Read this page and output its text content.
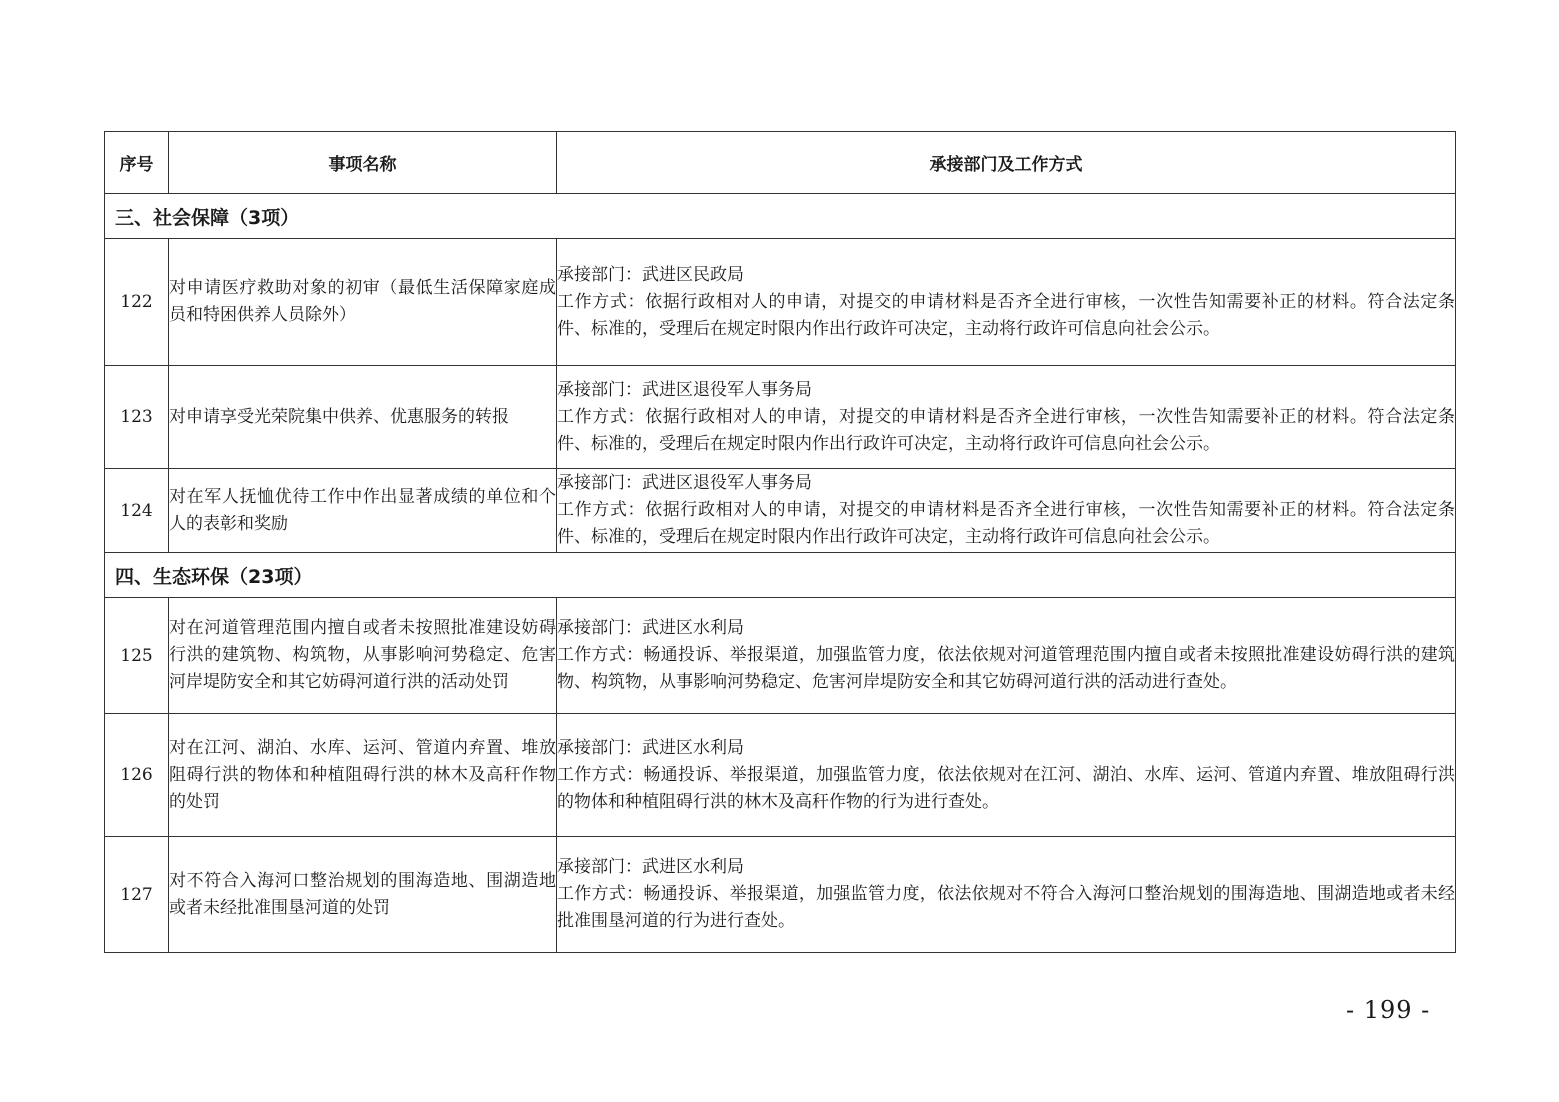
序号	事项名称	承接部门及工作方式
三、社会保障（3项）		
122	对申请医疗救助对象的初审（最低生活保障家庭成员和特困供养人员除外）	承接部门：武进区民政局
工作方式：依据行政相对人的申请，对提交的申请材料是否齐全进行审核，一次性告知需要补正的材料。符合法定条件、标准的，受理后在规定时限内作出行政许可决定，主动将行政许可信息向社会公示。

123	对申请享受光荣院集中供养、优惠服务的转报	承接部门：武进区退役军人事务局
工作方式：依据行政相对人的申请，对提交的申请材料是否齐全进行审核，一次性告知需要补正的材料。符合法定条件、标准的，受理后在规定时限内作出行政许可决定，主动将行政许可信息向社会公示。

124	对在军人抚恤优待工作中作出显著成绩的单位和个人的表彰和奖励	承接部门：武进区退役军人事务局
工作方式：依据行政相对人的申请，对提交的申请材料是否齐全进行审核，一次性告知需要补正的材料。符合法定条件、标准的，受理后在规定时限内作出行政许可决定，主动将行政许可信息向社会公示。

四、生态环保（23项）		
125	对在河道管理范围内擅自或者未按照批准建设妨碍行洪的建筑物、构筑物，从事影响河势稳定、危害河岸堤防安全和其它妨碍河道行洪的活动处罚	承接部门：武进区水利局
工作方式：畅通投诉、举报渠道，加强监管力度，依法依规对河道管理范围内擅自或者未按照批准建设妨碍行洪的建筑物、构筑物，从事影响河势稳定、危害河岸堤防安全和其它妨碍河道行洪的活动进行查处。

126	对在江河、湖泊、水库、运河、管道内弃置、堆放阻碍行洪的物体和种植阻碍行洪的林木及高秆作物的处罚	承接部门：武进区水利局
工作方式：畅通投诉、举报渠道，加强监管力度，依法依规对在江河、湖泊、水库、运河、管道内弃置、堆放阻碍行洪的物体和种植阻碍行洪的林木及高秆作物的行为进行查处。

127	对不符合入海河口整治规划的围海造地、围湖造地或者未经批准围垦河道的处罚	承接部门：武进区水利局
工作方式：畅通投诉、举报渠道，加强监管力度，依法依规对不符合入海河口整治规划的围海造地、围湖造地或者未经批准围垦河道的行为进行查处。
- 199 -
